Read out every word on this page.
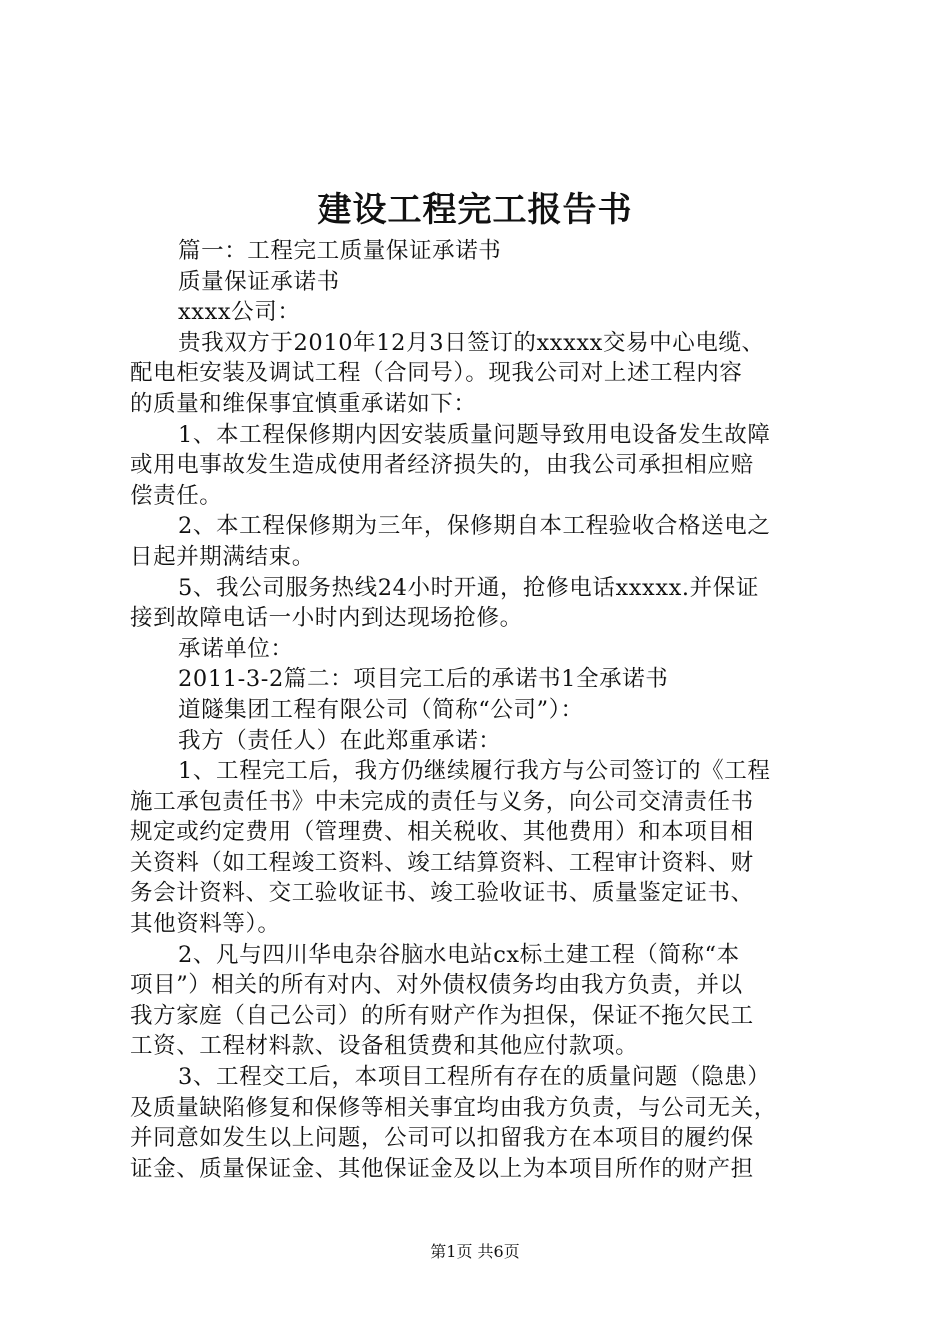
建设工程完工报告书
篇一：工程完工质量保证承诺书
质量保证承诺书
xxxx公司：
贵我双方于2010年12月3日签订的xxxxx交易中心电缆、
配电柜安装及调试工程（合同号）。现我公司对上述工程内容
的质量和维保事宜慎重承诺如下：
1、本工程保修期内因安装质量问题导致用电设备发生故障
或用电事故发生造成使用者经济损失的，由我公司承担相应赔
偿责任。
2、本工程保修期为三年，保修期自本工程验收合格送电之
日起并期满结束。
5、我公司服务热线24小时开通，抢修电话xxxxx.并保证
接到故障电话一小时内到达现场抢修。
承诺单位：
2011-3-2篇二：项目完工后的承诺书1全承诺书
道隧集团工程有限公司（简称“公司”）：
我方（责任人）在此郑重承诺：
1、工程完工后，我方仍继续履行我方与公司签订的《工程
施工承包责任书》中未完成的责任与义务，向公司交清责任书
规定或约定费用（管理费、相关税收、其他费用）和本项目相
关资料（如工程竣工资料、竣工结算资料、工程审计资料、财
务会计资料、交工验收证书、竣工验收证书、质量鉴定证书、
其他资料等）。
2、凡与四川华电杂谷脑水电站cx标土建工程（简称“本
项目”）相关的所有对内、对外债权债务均由我方负责，并以
我方家庭（自己公司）的所有财产作为担保，保证不拖欠民工
工资、工程材料款、设备租赁费和其他应付款项。
3、工程交工后，本项目工程所有存在的质量问题（隐患）
及质量缺陷修复和保修等相关事宜均由我方负责，与公司无关，
并同意如发生以上问题，公司可以扣留我方在本项目的履约保
证金、质量保证金、其他保证金及以上为本项目所作的财产担
第1页 共6页
